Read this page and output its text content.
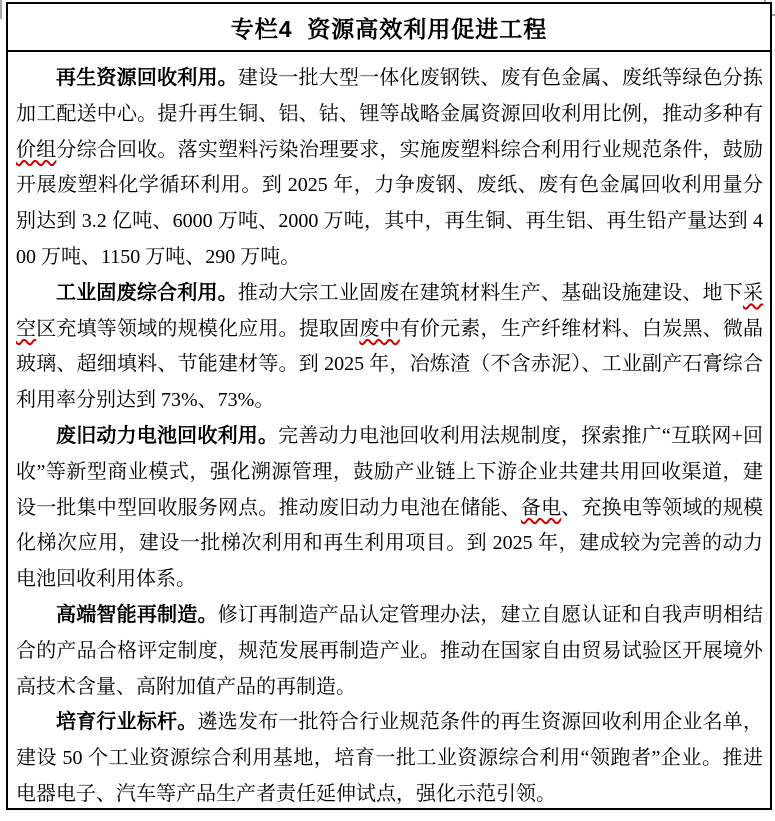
专栏4  资源高效利用促进工程

再生资源回收利用。建设一批大型一体化废钢铁、废有色金属、废纸等绿色分拣加工配送中心。提升再生铜、铝、钴、锂等战略金属资源回收利用比例，推动多种有价组分综合回收。落实塑料污染治理要求，实施废塑料综合利用行业规范条件，鼓励开展废塑料化学循环利用。到 2025 年，力争废钢、废纸、废有色金属回收利用量分别达到 3.2 亿吨、6000 万吨、2000 万吨，其中，再生铜、再生铝、再生铅产量达到 400 万吨、1150 万吨、290 万吨。

工业固废综合利用。推动大宗工业固废在建筑材料生产、基础设施建设、地下采空区充填等领域的规模化应用。提取固废中有价元素，生产纤维材料、白炭黑、微晶玻璃、超细填料、节能建材等。到 2025 年，冶炼渣（不含赤泥）、工业副产石膏综合利用率分别达到 73%、73%。

废旧动力电池回收利用。完善动力电池回收利用法规制度，探索推广“互联网+回收”等新型商业模式，强化溯源管理，鼓励产业链上下游企业共建共用回收渠道，建设一批集中型回收服务网点。推动废旧动力电池在储能、备电、充换电等领域的规模化梯次应用，建设一批梯次利用和再生利用项目。到 2025 年，建成较为完善的动力电池回收利用体系。

高端智能再制造。修订再制造产品认定管理办法，建立自愿认证和自我声明相结合的产品合格评定制度，规范发展再制造产业。推动在国家自由贸易试验区开展境外高技术含量、高附加值产品的再制造。

培育行业标杆。遴选发布一批符合行业规范条件的再生资源回收利用企业名单，建设 50 个工业资源综合利用基地，培育一批工业资源综合利用“领跑者”企业。推进电器电子、汽车等产品生产者责任延伸试点，强化示范引领。
